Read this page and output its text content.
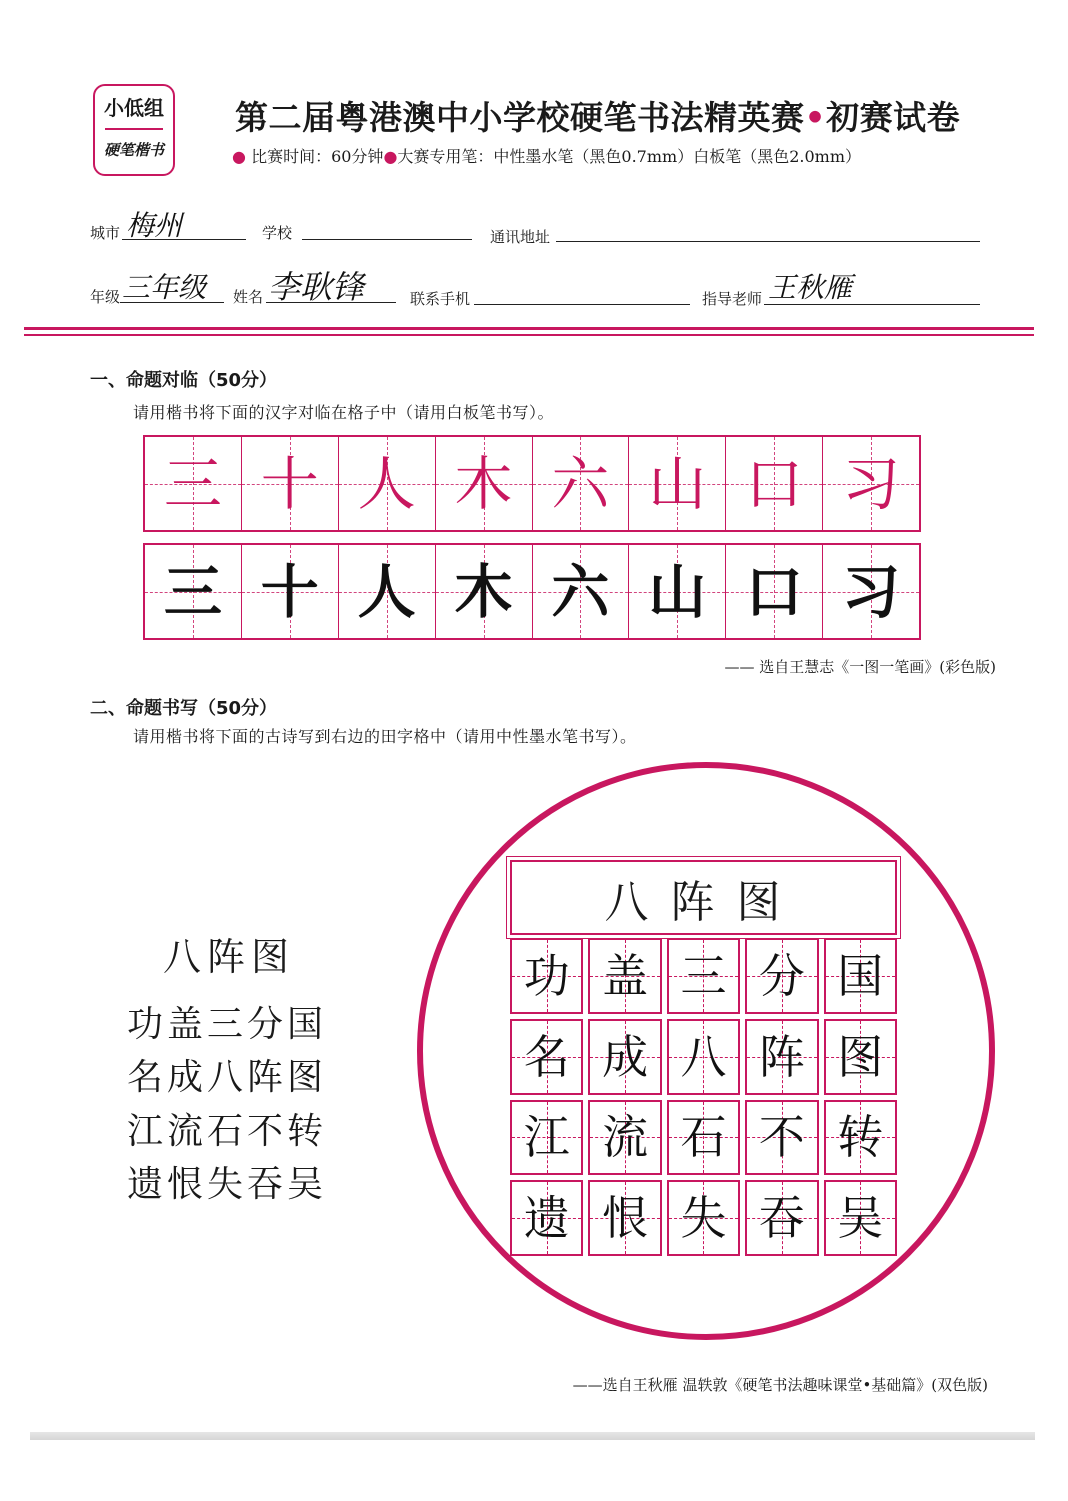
小低组
硬笔楷书
第二届粤港澳中小学校硬笔书法精英赛•初赛试卷
● 比赛时间：60分钟●大赛专用笔：中性墨水笔（黑色0.7mm）白板笔（黑色2.0mm）
城市 梅州	学校	通讯地址
年级 三年级 姓名 李耿锋	联系手机	指导老师 王秋雁
一、命题对临（50分）
请用楷书将下面的汉字对临在格子中（请用白板笔书写）。
三 十 人 木 六 山 口 习
三 十 人 木 六 山 口 习
—— 选自王慧志《一图一笔画》(彩色版)
二、命题书写（50分）
请用楷书将下面的古诗写到右边的田字格中（请用中性墨水笔书写）。
八阵图
功盖三分国
名成八阵图
江流石不转
遗恨失吞吴
八阵图
功 盖 三 分 国
名 成 八 阵 图
江 流 石 不 转
遗 恨 失 吞 吴
——选自王秋雁 温轶敦《硬笔书法趣味课堂•基础篇》(双色版)
